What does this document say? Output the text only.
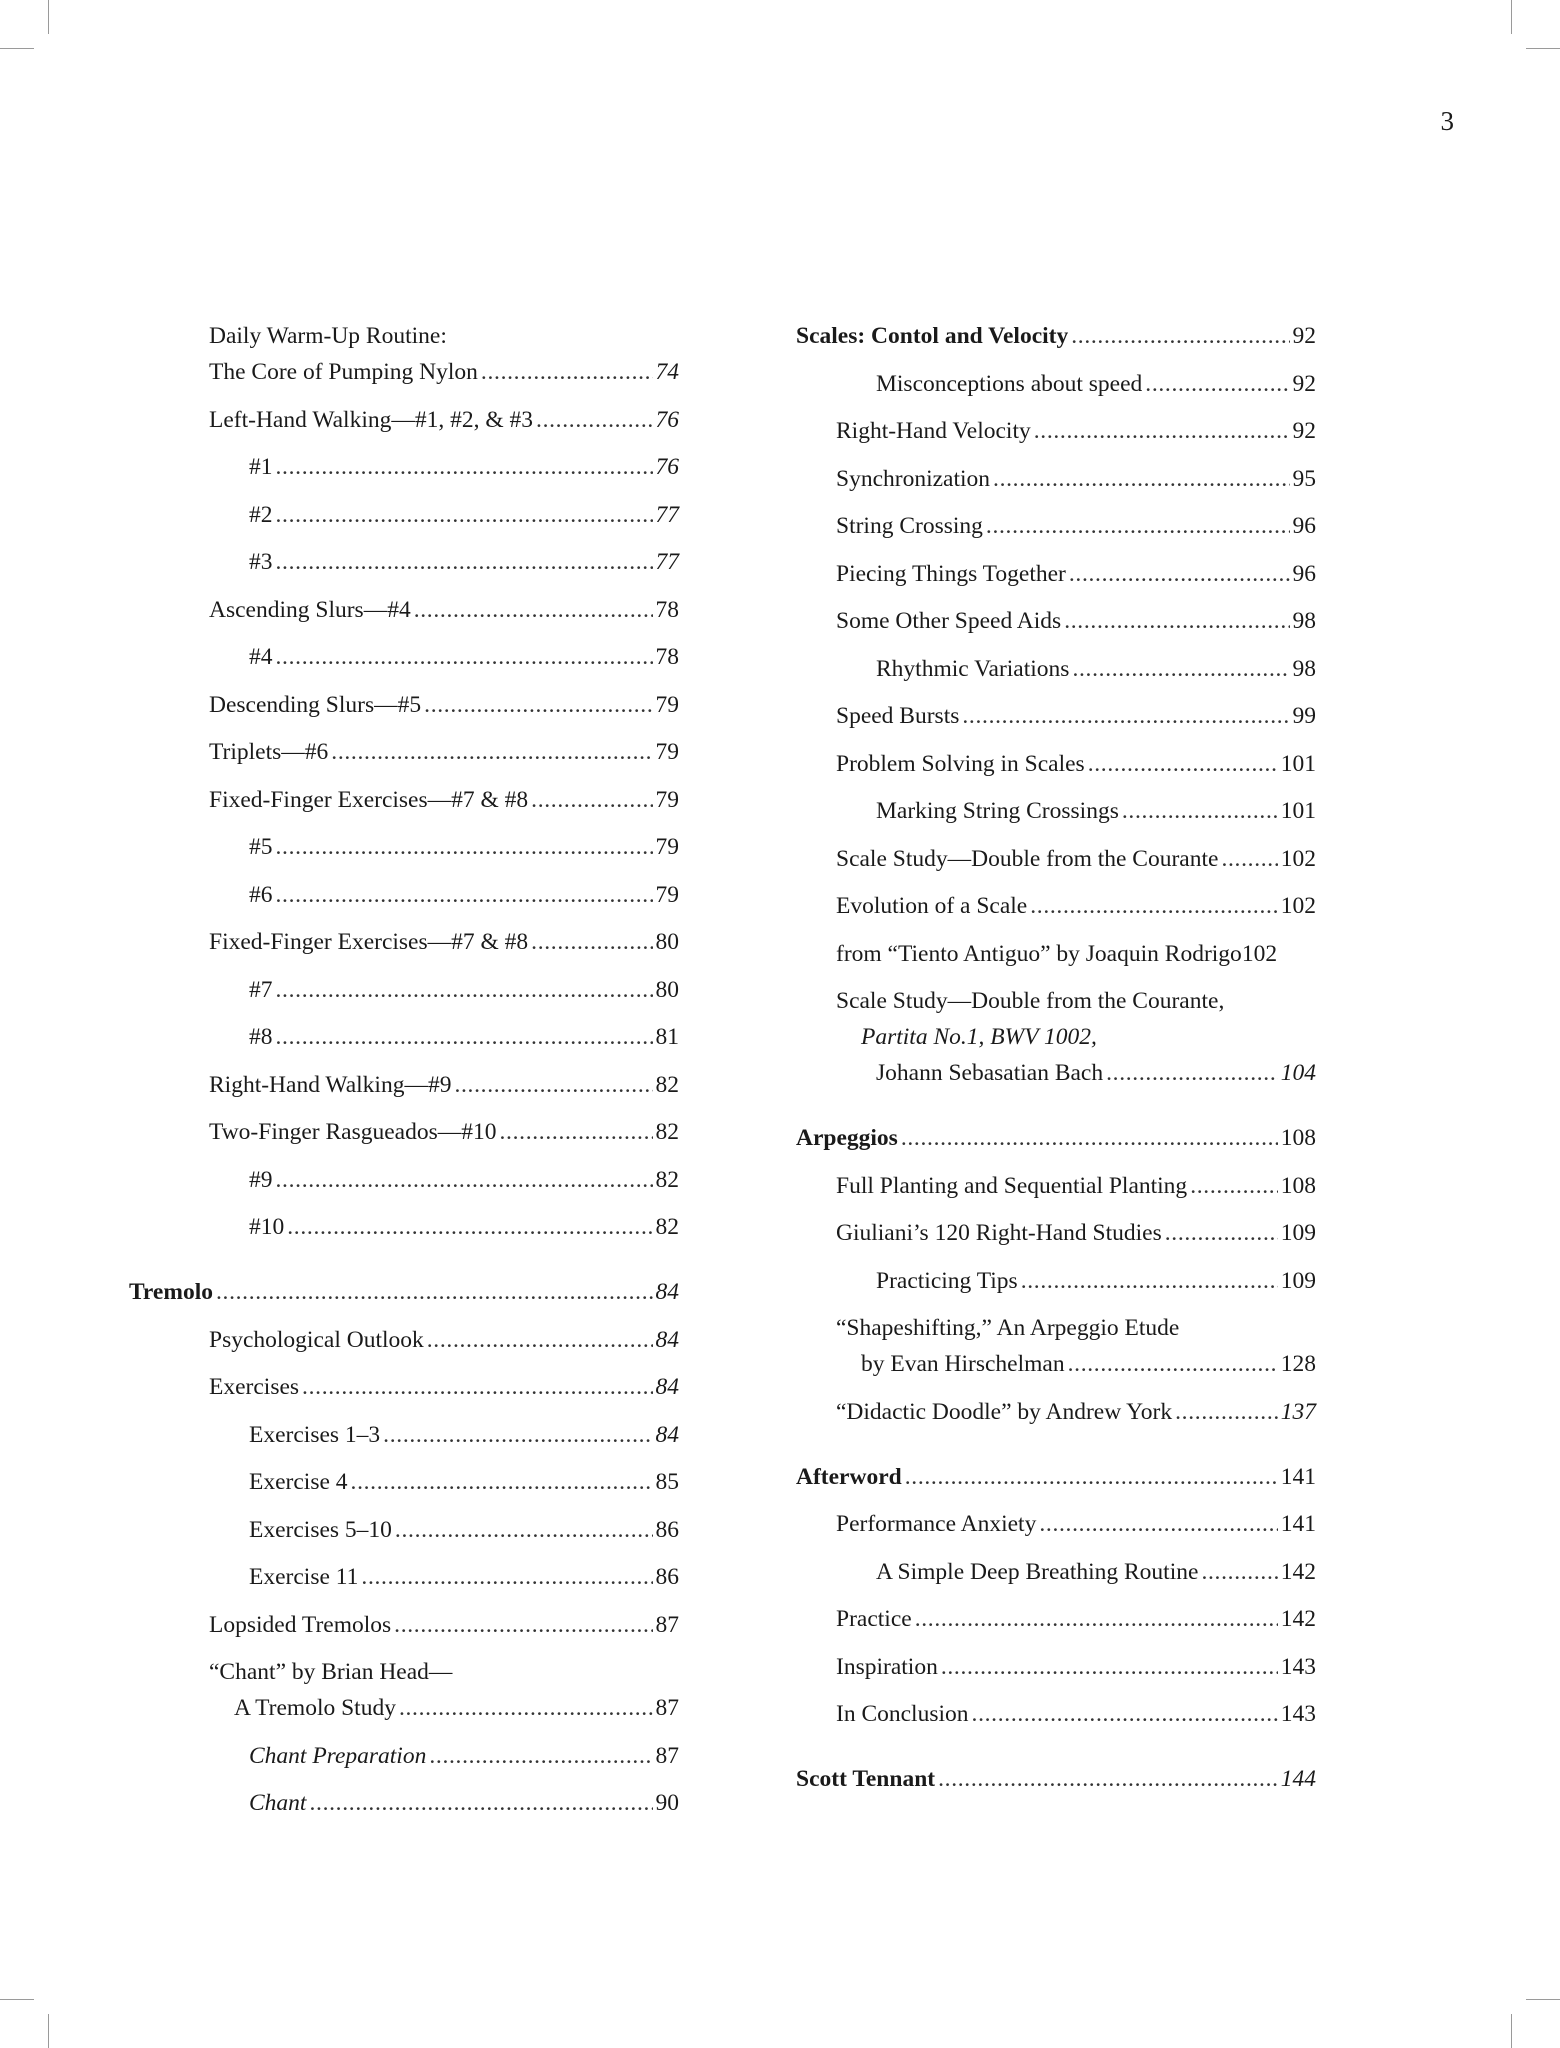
3
Daily Warm-Up Routine:
The Core of Pumping Nylon . . .	74
Left-Hand Walking—#1, #2, & #3 . . .	76
#1 . . .	76
#2 . . .	77
#3 . . .	77
Ascending Slurs—#4 . . .	78
#4 . . .	78
Descending Slurs—#5 . . .	79
Triplets—#6 . . .	79
Fixed-Finger Exercises—#7 & #8 . . .	79
#5 . . .	79
#6 . . .	79
Fixed-Finger Exercises—#7 & #8 . . .	80
#7 . . .	80
#8 . . .	81
Right-Hand Walking—#9 . . .	82
Two-Finger Rasgueados—#10 . . .	82
#9 . . .	82
#10 . . .	82
Tremolo . . .	84
Psychological Outlook . . .	84
Exercises . . .	84
Exercises 1–3 . . .	84
Exercise 4 . . .	85
Exercises 5–10 . . .	86
Exercise 11 . . .	86
Lopsided Tremolos . . .	87
“Chant” by Brian Head—
A Tremolo Study . . .	87
Chant Preparation . . .	87
Chant . . .	90
Scales: Contol and Velocity . . .	92
Misconceptions about speed . . .	92
Right-Hand Velocity . . .	92
Synchronization . . .	95
String Crossing . . .	96
Piecing Things Together . . .	96
Some Other Speed Aids . . .	98
Rhythmic Variations . . .	98
Speed Bursts . . .	99
Problem Solving in Scales . . .	101
Marking String Crossings . . .	101
Scale Study—Double from the Courante . . .	102
Evolution of a Scale . . .	102
from “Tiento Antiguo” by Joaquin Rodrigo 102
Scale Study—Double from the Courante,
Partita No.1, BWV 1002,
Johann Sebasatian Bach . . .	104
Arpeggios . . .	108
Full Planting and Sequential Planting . . .	108
Giuliani’s 120 Right-Hand Studies . . .	109
Practicing Tips . . .	109
“Shapeshifting,” An Arpeggio Etude
by Evan Hirschelman . . .	128
“Didactic Doodle” by Andrew York . . .	137
Afterword . . .	141
Performance Anxiety . . .	141
A Simple Deep Breathing Routine . . .	142
Practice . . .	142
Inspiration . . .	143
In Conclusion . . .	143
Scott Tennant . . .	144
